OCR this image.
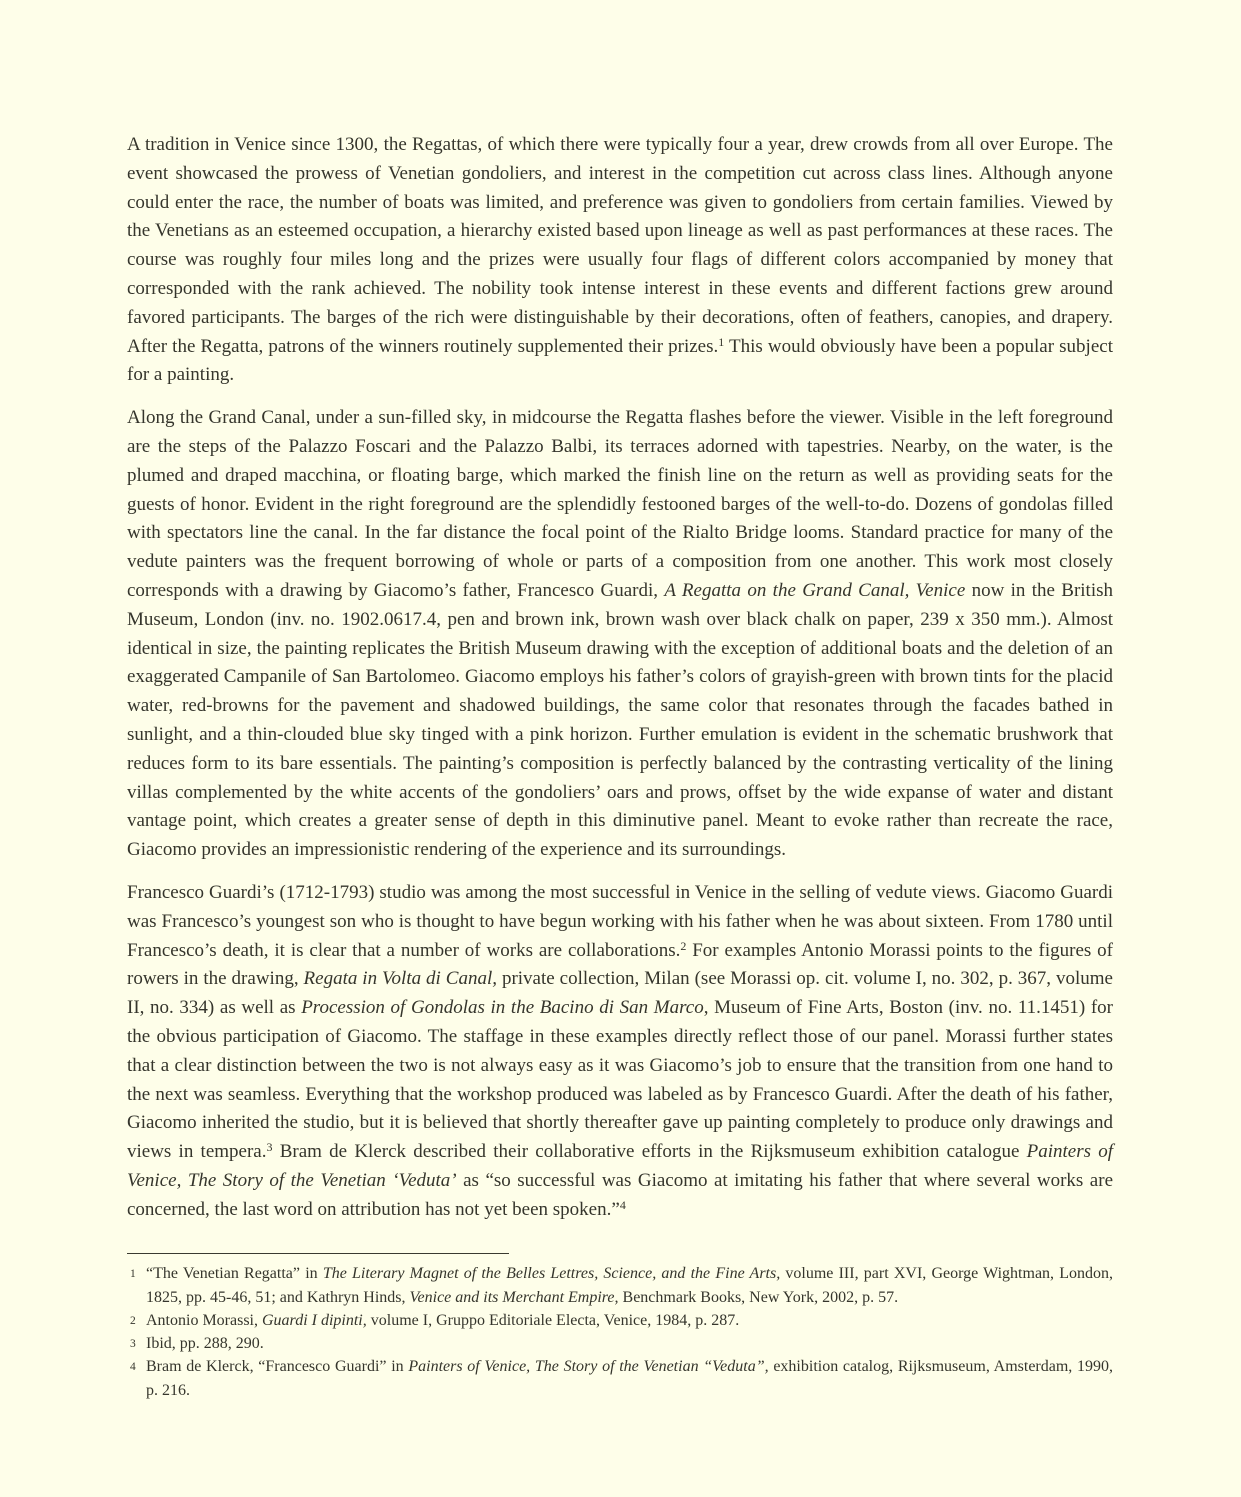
A tradition in Venice since 1300, the Regattas, of which there were typically four a year, drew crowds from all over Europe. The event showcased the prowess of Venetian gondoliers, and interest in the competition cut across class lines. Although anyone could enter the race, the number of boats was limited, and preference was given to gondoliers from certain families. Viewed by the Venetians as an esteemed occupation, a hierarchy existed based upon lineage as well as past performances at these races. The course was roughly four miles long and the prizes were usually four flags of different colors accompanied by money that corresponded with the rank achieved. The nobility took intense interest in these events and different factions grew around favored participants. The barges of the rich were distinguishable by their decorations, often of feathers, canopies, and drapery. After the Regatta, patrons of the winners routinely supplemented their prizes.$^1$ This would obviously have been a popular subject for a painting.

Along the Grand Canal, under a sun-filled sky, in midcourse the Regatta flashes before the viewer. Visible in the left foreground are the steps of the Palazzo Foscari and the Palazzo Balbi, its terraces adorned with tapestries. Nearby, on the water, is the plumed and draped macchina, or floating barge, which marked the finish line on the return as well as providing seats for the guests of honor. Evident in the right foreground are the splendidly festooned barges of the well-to-do. Dozens of gondolas filled with spectators line the canal. In the far distance the focal point of the Rialto Bridge looms. Standard practice for many of the vedute painters was the frequent borrowing of whole or parts of a composition from one another. This work most closely corresponds with a drawing by Giacomo’s father, Francesco Guardi, A Regatta on the Grand Canal, Venice now in the British Museum, London (inv. no. 1902.0617.4, pen and brown ink, brown wash over black chalk on paper, 239 x 350 mm.). Almost identical in size, the painting replicates the British Museum drawing with the exception of additional boats and the deletion of an exaggerated Campanile of San Bartolomeo. Giacomo employs his father’s colors of grayish-green with brown tints for the placid water, red-browns for the pavement and shadowed buildings, the same color that resonates through the facades bathed in sunlight, and a thin-clouded blue sky tinged with a pink horizon. Further emulation is evident in the schematic brushwork that reduces form to its bare essentials. The painting’s composition is perfectly balanced by the contrasting verticality of the lining villas complemented by the white accents of the gondoliers’ oars and prows, offset by the wide expanse of water and distant vantage point, which creates a greater sense of depth in this diminutive panel. Meant to evoke rather than recreate the race, Giacomo provides an impressionistic rendering of the experience and its surroundings.

Francesco Guardi’s (1712-1793) studio was among the most successful in Venice in the selling of vedute views. Giacomo Guardi was Francesco’s youngest son who is thought to have begun working with his father when he was about sixteen. From 1780 until Francesco’s death, it is clear that a number of works are collaborations.$^2$ For examples Antonio Morassi points to the figures of rowers in the drawing, Regata in Volta di Canal, private collection, Milan (see Morassi op. cit. volume I, no. 302, p. 367, volume II, no. 334) as well as Procession of Gondolas in the Bacino di San Marco, Museum of Fine Arts, Boston (inv. no. 11.1451) for the obvious participation of Giacomo. The staffage in these examples directly reflect those of our panel. Morassi further states that a clear distinction between the two is not always easy as it was Giacomo’s job to ensure that the transition from one hand to the next was seamless. Everything that the workshop produced was labeled as by Francesco Guardi. After the death of his father, Giacomo inherited the studio, but it is believed that shortly thereafter gave up painting completely to produce only drawings and views in tempera.$^3$ Bram de Klerck described their collaborative efforts in the Rijksmuseum exhibition catalogue Painters of Venice, The Story of the Venetian ‘Veduta’ as “so successful was Giacomo at imitating his father that where several works are concerned, the last word on attribution has not yet been spoken.”$^4$

1 “The Venetian Regatta” in The Literary Magnet of the Belles Lettres, Science, and the Fine Arts, volume III, part XVI, George Wightman, London, 1825, pp. 45-46, 51; and Kathryn Hinds, Venice and its Merchant Empire, Benchmark Books, New York, 2002, p. 57.
2 Antonio Morassi, Guardi I dipinti, volume I, Gruppo Editoriale Electa, Venice, 1984, p. 287.
3 Ibid, pp. 288, 290.
4 Bram de Klerck, “Francesco Guardi” in Painters of Venice, The Story of the Venetian “Veduta”, exhibition catalog, Rijksmuseum, Amsterdam, 1990, p. 216.
